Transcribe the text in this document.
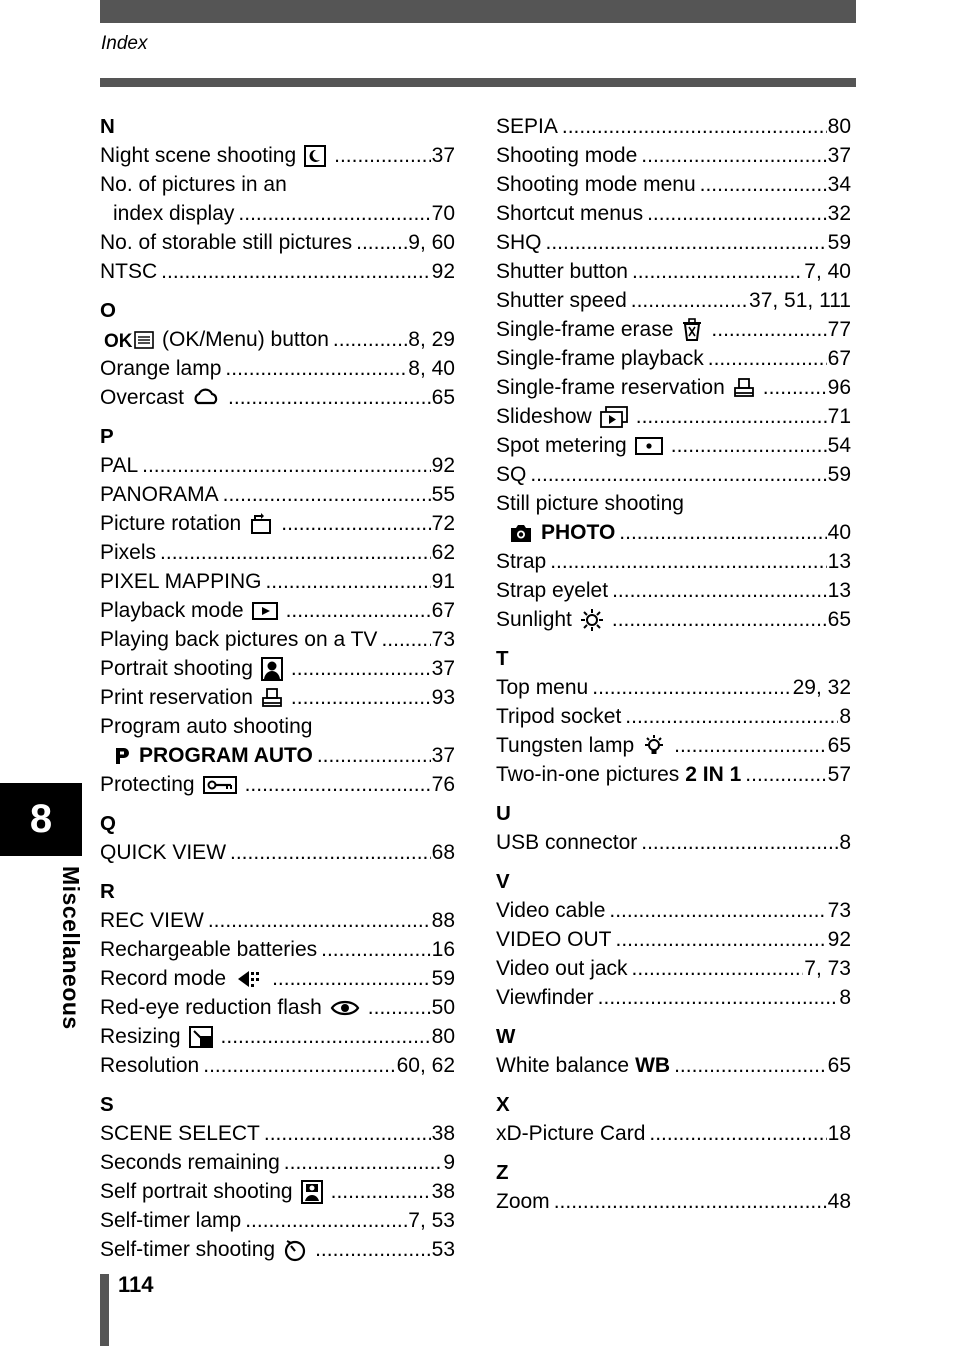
Index
N
Night scene shooting .....	37
No. of pictures in an
index display .....	70
No. of storable still pictures .....	9, 60
NTSC .....	92
O
OK (OK/Menu) button .....	8, 29
Orange lamp .....	8, 40
Overcast .....	65
P
PAL .....	92
PANORAMA .....	55
Picture rotation .....	72
Pixels .....	62
PIXEL MAPPING .....	91
Playback mode .....	67
Playing back pictures on a TV .....	73
Portrait shooting .....	37
Print reservation .....	93
Program auto shooting
PROGRAM AUTO .....	37
Protecting .....	76
Q
QUICK VIEW .....	68
R
REC VIEW .....	88
Rechargeable batteries .....	16
Record mode .....	59
Red-eye reduction flash .....	50
Resizing .....	80
Resolution .....	60, 62
S
SCENE SELECT .....	38
Seconds remaining .....	9
Self portrait shooting .....	38
Self-timer lamp .....	7, 53
Self-timer shooting .....	53
SEPIA .....	80
Shooting mode .....	37
Shooting mode menu .....	34
Shortcut menus .....	32
SHQ .....	59
Shutter button .....	7, 40
Shutter speed .....	37, 51, 111
Single-frame erase .....	77
Single-frame playback .....	67
Single-frame reservation .....	96
Slideshow .....	71
Spot metering .....	54
SQ .....	59
Still picture shooting
PHOTO .....	40
Strap .....	13
Strap eyelet .....	13
Sunlight .....	65
T
Top menu .....	29, 32
Tripod socket .....	8
Tungsten lamp .....	65
Two-in-one pictures 2 IN 1 .....	57
U
USB connector .....	8
V
Video cable .....	73
VIDEO OUT .....	92
Video out jack .....	7, 73
Viewfinder .....	8
W
White balance WB .....	65
X
xD-Picture Card .....	18
Z
Zoom .....	48
8
Miscellaneous
114
